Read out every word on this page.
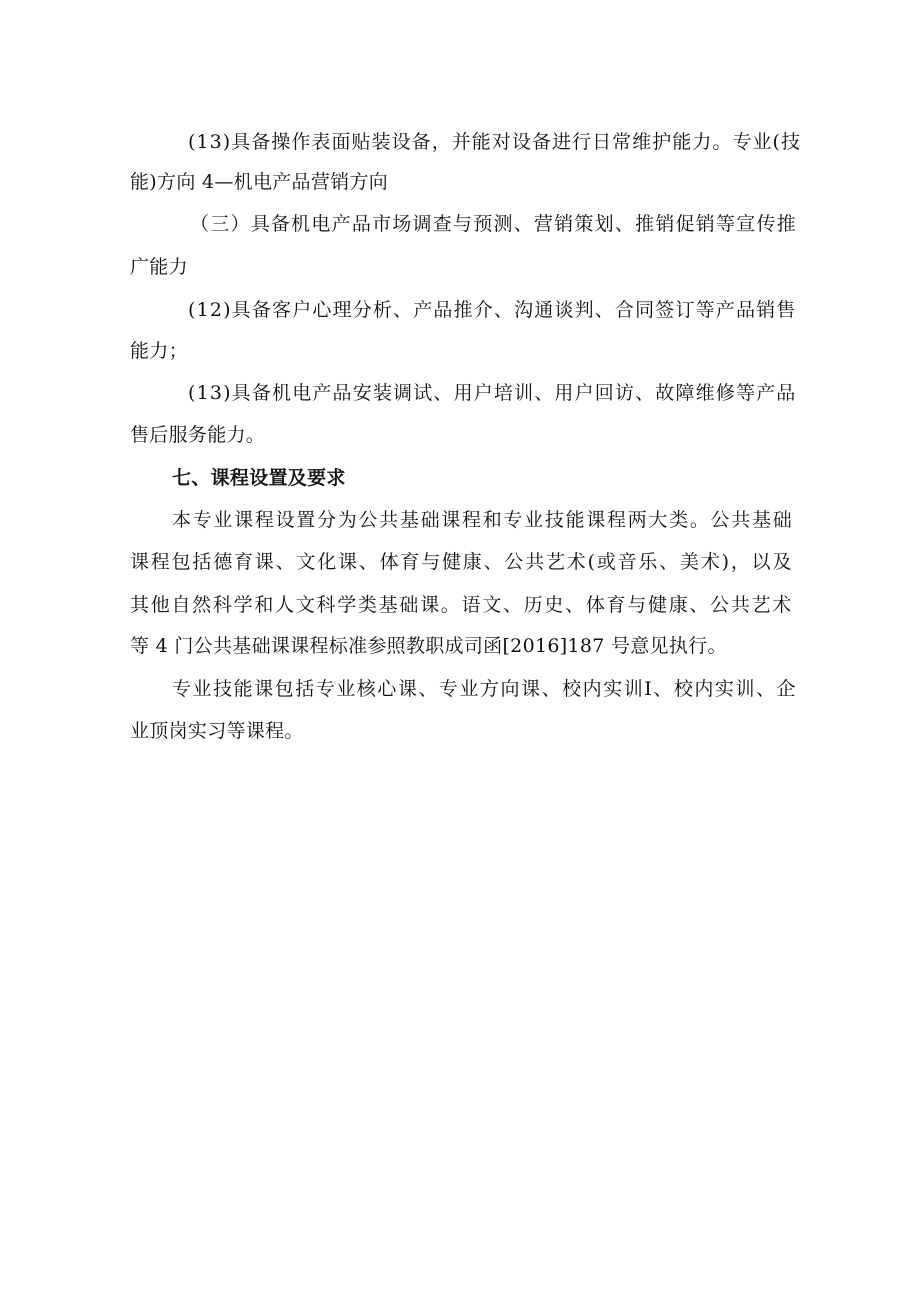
(13)具备操作表面贴装设备，并能对设备进行日常维护能力。专业(技
能)方向 4—机电产品营销方向
（三）具备机电产品市场调查与预测、营销策划、推销促销等宣传推
广能力
(12)具备客户心理分析、产品推介、沟通谈判、合同签订等产品销售
能力；
(13)具备机电产品安装调试、用户培训、用户回访、故障维修等产品
售后服务能力。
七、课程设置及要求
本专业课程设置分为公共基础课程和专业技能课程两大类。公共基础
课程包括德育课、文化课、体育与健康、公共艺术(或音乐、美术)，以及
其他自然科学和人文科学类基础课。语文、历史、体育与健康、公共艺术
等 4 门公共基础课课程标准参照教职成司函[2016]187 号意见执行。
专业技能课包括专业核心课、专业方向课、校内实训Ⅰ、校内实训、企
业顶岗实习等课程。
